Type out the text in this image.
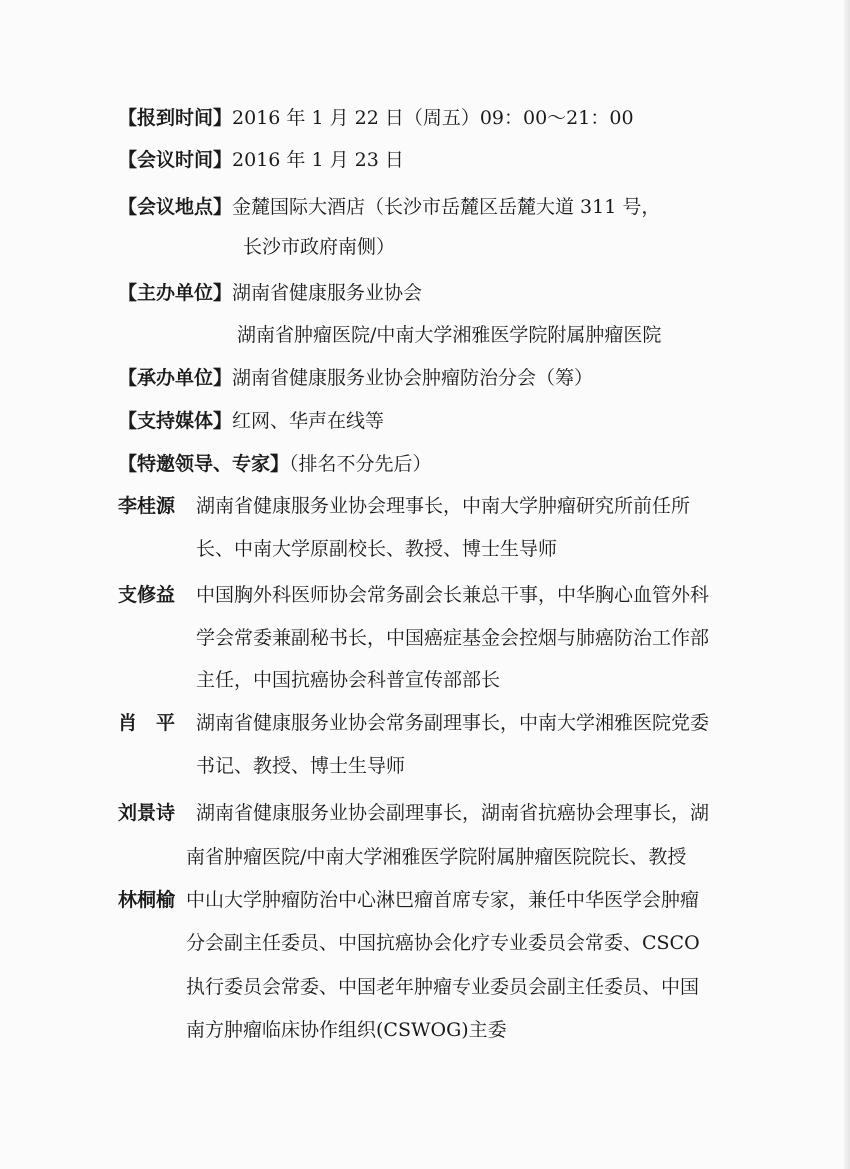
【报到时间】2016 年 1 月 22 日（周五）09：00～21：00
【会议时间】2016 年 1 月 23 日
【会议地点】金麓国际大酒店（长沙市岳麓区岳麓大道 311 号，
长沙市政府南侧）
【主办单位】湖南省健康服务业协会
湖南省肿瘤医院/中南大学湘雅医学院附属肿瘤医院
【承办单位】湖南省健康服务业协会肿瘤防治分会（筹）
【支持媒体】红网、华声在线等
【特邀领导、专家】（排名不分先后）
李桂源 湖南省健康服务业协会理事长，中南大学肿瘤研究所前任所
长、中南大学原副校长、教授、博士生导师
支修益 中国胸外科医师协会常务副会长兼总干事，中华胸心血管外科
学会常委兼副秘书长，中国癌症基金会控烟与肺癌防治工作部
主任，中国抗癌协会科普宣传部部长
肖　平 湖南省健康服务业协会常务副理事长，中南大学湘雅医院党委
书记、教授、博士生导师
刘景诗 湖南省健康服务业协会副理事长，湖南省抗癌协会理事长，湖
南省肿瘤医院/中南大学湘雅医学院附属肿瘤医院院长、教授
林桐榆 中山大学肿瘤防治中心淋巴瘤首席专家，兼任中华医学会肿瘤
分会副主任委员、中国抗癌协会化疗专业委员会常委、CSCO
执行委员会常委、中国老年肿瘤专业委员会副主任委员、中国
南方肿瘤临床协作组织(CSWOG)主委
